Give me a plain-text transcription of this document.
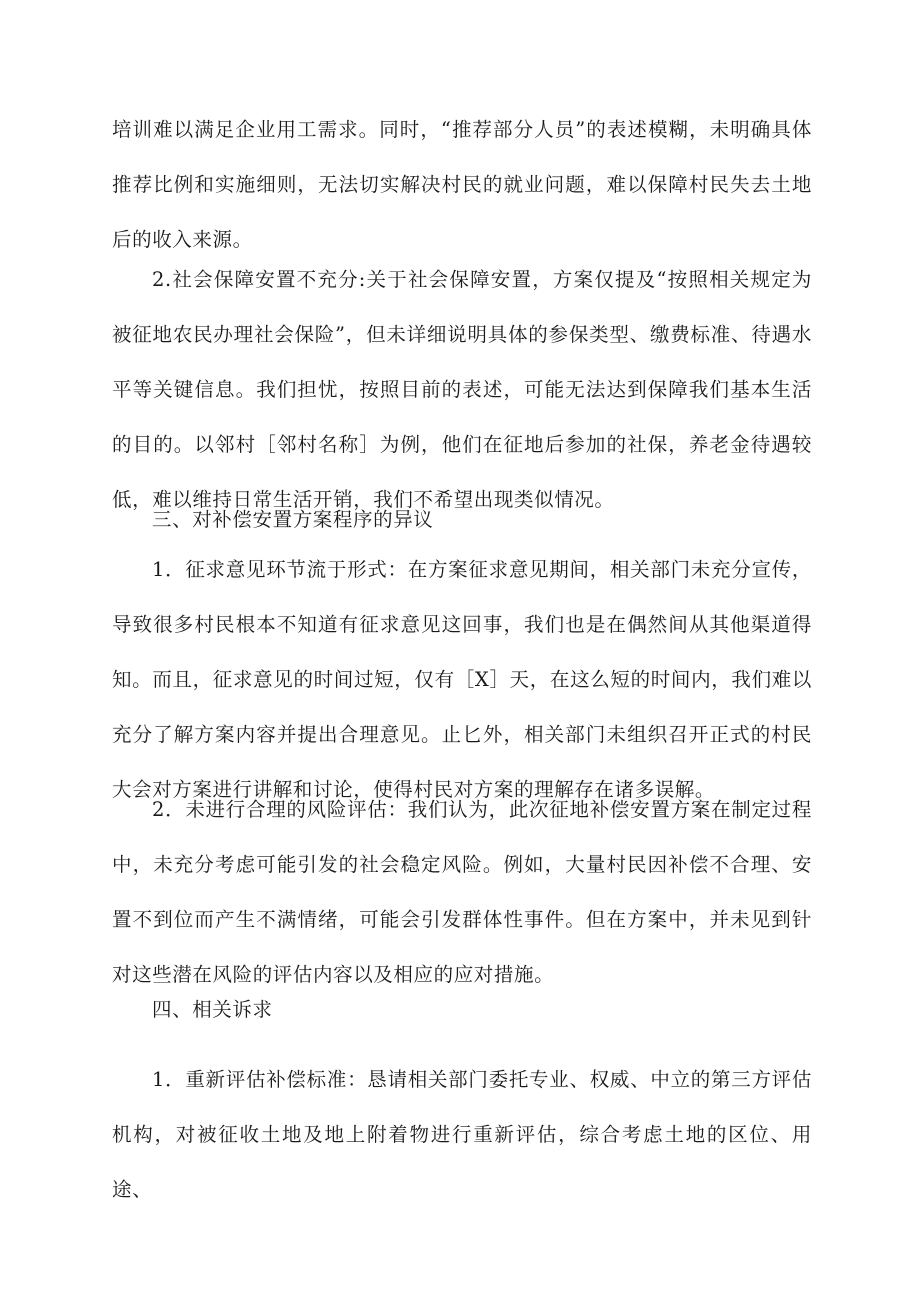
培训难以满足企业用工需求。同时，“推荐部分人员”的表述模糊，未明确具体推荐比例和实施细则，无法切实解决村民的就业问题，难以保障村民失去土地后的收入来源。

2.社会保障安置不充分:关于社会保障安置，方案仅提及“按照相关规定为被征地农民办理社会保险”，但未详细说明具体的参保类型、缴费标准、待遇水平等关键信息。我们担忧，按照目前的表述，可能无法达到保障我们基本生活的目的。以邻村［邻村名称］为例，他们在征地后参加的社保，养老金待遇较低，难以维持日常生活开销，我们不希望出现类似情况。

三、对补偿安置方案程序的异议

1．征求意见环节流于形式：在方案征求意见期间，相关部门未充分宣传，导致很多村民根本不知道有征求意见这回事，我们也是在偶然间从其他渠道得知。而且，征求意见的时间过短，仅有［X］天，在这么短的时间内，我们难以充分了解方案内容并提出合理意见。止匕外，相关部门未组织召开正式的村民大会对方案进行讲解和讨论，使得村民对方案的理解存在诸多误解。

2．未进行合理的风险评估：我们认为，此次征地补偿安置方案在制定过程中，未充分考虑可能引发的社会稳定风险。例如，大量村民因补偿不合理、安置不到位而产生不满情绪，可能会引发群体性事件。但在方案中，并未见到针对这些潜在风险的评估内容以及相应的应对措施。

四、相关诉求

1．重新评估补偿标准：恳请相关部门委托专业、权威、中立的第三方评估机构，对被征收土地及地上附着物进行重新评估，综合考虑土地的区位、用途、
